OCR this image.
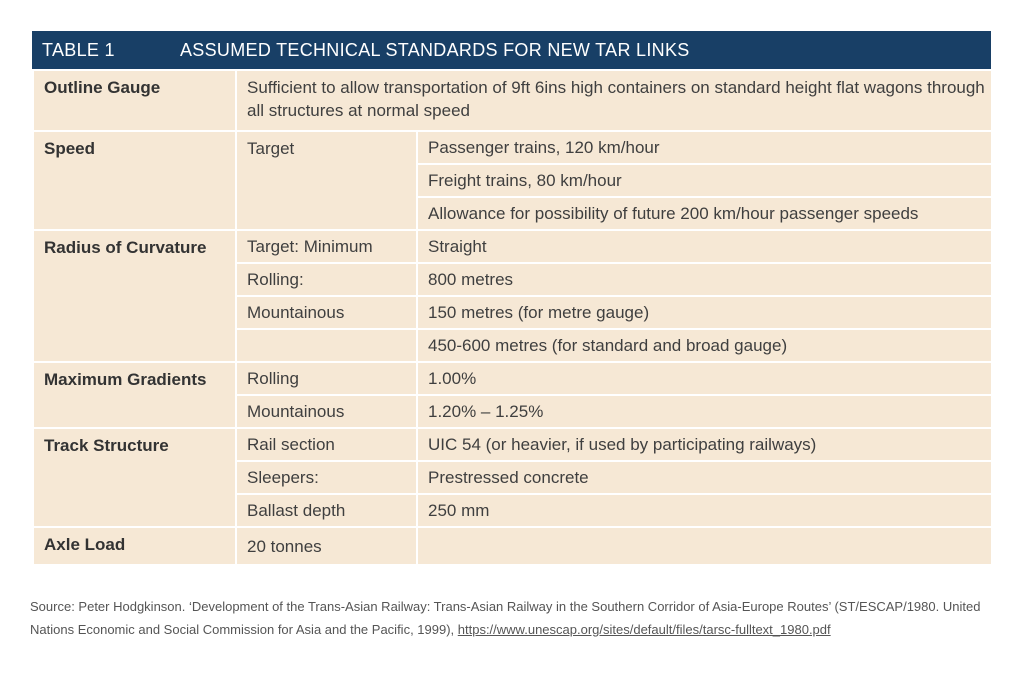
TABLE 1	ASSUMED TECHNICAL STANDARDS FOR NEW TAR LINKS
Outline Gauge	Sufficient to allow transportation of 9ft 6ins high containers on standard height flat wagons through all structures at normal speed	
Speed	Target	Passenger trains, 120 km/hour
		Freight trains, 80 km/hour
		Allowance for possibility of future 200 km/hour passenger speeds
Radius of Curvature	Target: Minimum	Straight
	Rolling:	800 metres
	Mountainous	150 metres (for metre gauge)
		450-600 metres (for standard and broad gauge)
Maximum Gradients	Rolling	1.00%
	Mountainous	1.20% – 1.25%
Track Structure	Rail section	UIC 54 (or heavier, if used by participating railways)
	Sleepers:	Prestressed concrete
	Ballast depth	250 mm
Axle Load	20 tonnes	
Source: Peter Hodgkinson. ‘Development of the Trans-Asian Railway: Trans-Asian Railway in the Southern Corridor of Asia-Europe Routes’ (ST/ESCAP/1980. United Nations Economic and Social Commission for Asia and the Pacific, 1999), https://www.unescap.org/sites/default/files/tarsc-fulltext_1980.pdf
